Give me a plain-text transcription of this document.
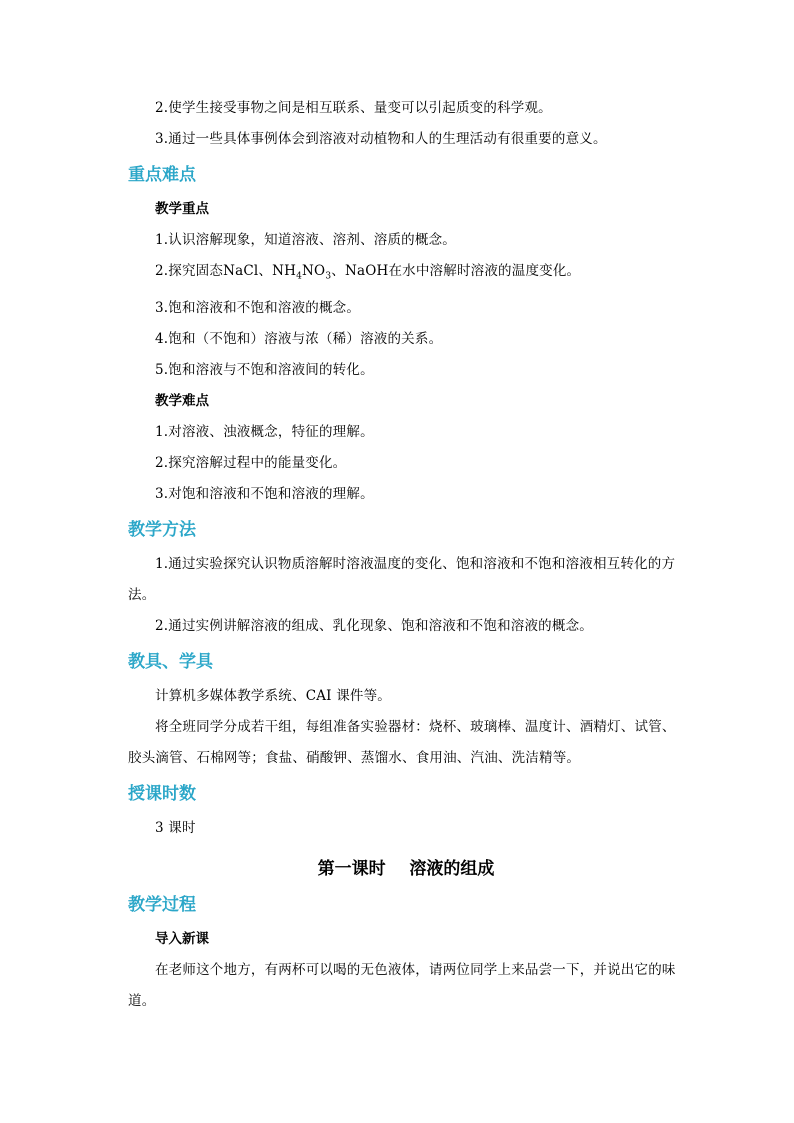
2.使学生接受事物之间是相互联系、量变可以引起质变的科学观。

3.通过一些具体事例体会到溶液对动植物和人的生理活动有很重要的意义。

重点难点

教学重点

1.认识溶解现象，知道溶液、溶剂、溶质的概念。

2.探究固态NaCl、$NH_4NO_3$、NaOH在水中溶解时溶液的温度变化。

3.饱和溶液和不饱和溶液的概念。

4.饱和（不饱和）溶液与浓（稀）溶液的关系。

5.饱和溶液与不饱和溶液间的转化。

教学难点

1.对溶液、浊液概念，特征的理解。

2.探究溶解过程中的能量变化。

3.对饱和溶液和不饱和溶液的理解。

教学方法

1.通过实验探究认识物质溶解时溶液温度的变化、饱和溶液和不饱和溶液相互转化的方法。

2.通过实例讲解溶液的组成、乳化现象、饱和溶液和不饱和溶液的概念。

教具、学具

计算机多媒体教学系统、CAI 课件等。

将全班同学分成若干组，每组准备实验器材：烧杯、玻璃棒、温度计、酒精灯、试管、胶头滴管、石棉网等；食盐、硝酸钾、蒸馏水、食用油、汽油、洗洁精等。

授课时数

3 课时

第一课时    溶液的组成
教学过程

导入新课

在老师这个地方，有两杯可以喝的无色液体，请两位同学上来品尝一下，并说出它的味道。
